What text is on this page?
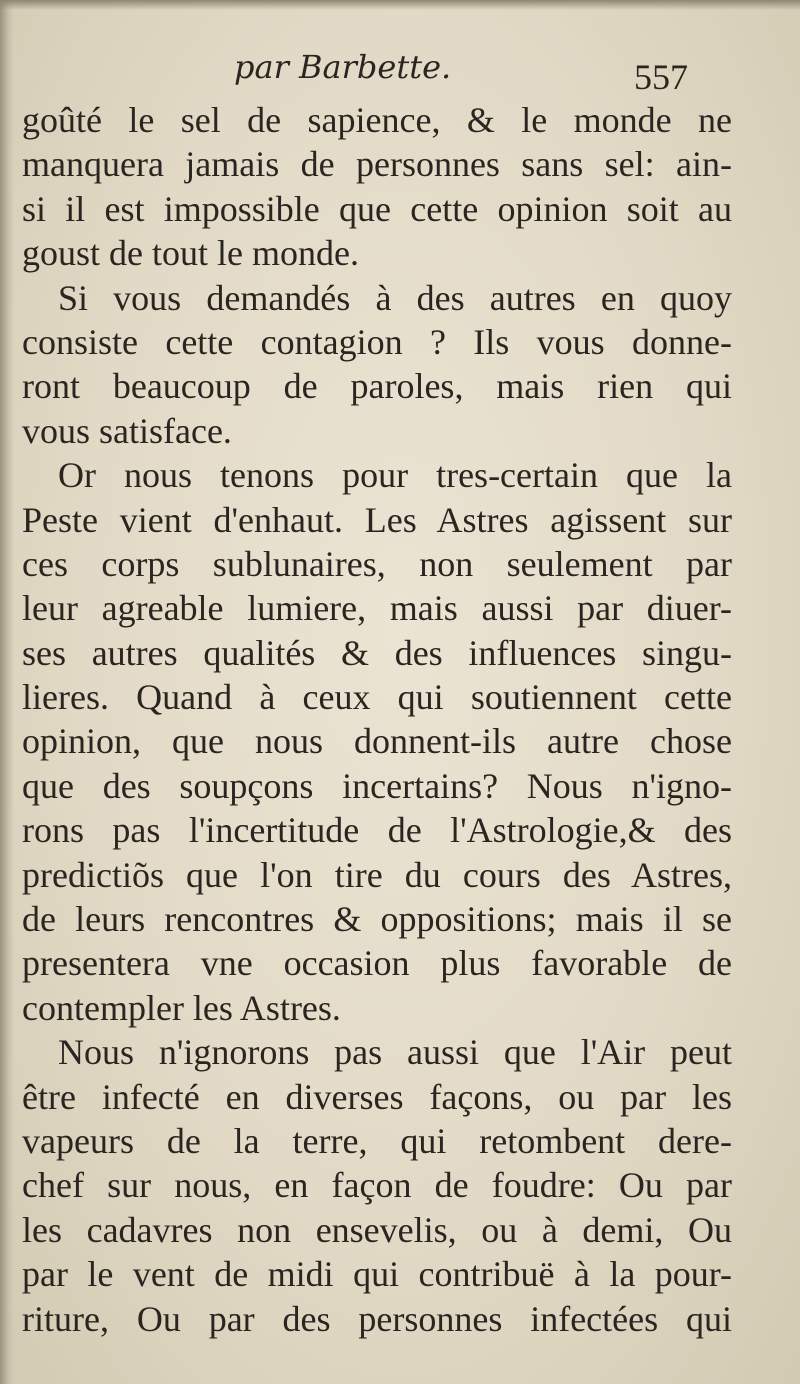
par Barbette.	557
goûté le sel de sapience, & le monde ne
manquera jamais de personnes sans sel: ain-
si il est impossible que cette opinion soit au
goust de tout le monde.
Si vous demandés à des autres en quoy
consiste cette contagion ? Ils vous donne-
ront beaucoup de paroles, mais rien qui
vous satisface.
Or nous tenons pour tres-certain que la
Peste vient d'enhaut. Les Astres agissent sur
ces corps sublunaires, non seulement par
leur agreable lumiere, mais aussi par diuer-
ses autres qualités & des influences singu-
lieres. Quand à ceux qui soutiennent cette
opinion, que nous donnent-ils autre chose
que des soupçons incertains? Nous n'igno-
rons pas l'incertitude de l'Astrologie,& des
predictiõs que l'on tire du cours des Astres,
de leurs rencontres & oppositions; mais il se
presentera vne occasion plus favorable de
contempler les Astres.
Nous n'ignorons pas aussi que l'Air peut
être infecté en diverses façons, ou par les
vapeurs de la terre, qui retombent dere-
chef sur nous, en façon de foudre: Ou par
les cadavres non ensevelis, ou à demi, Ou
par le vent de midi qui contribuë à la pour-
riture, Ou par des personnes infectées qui
